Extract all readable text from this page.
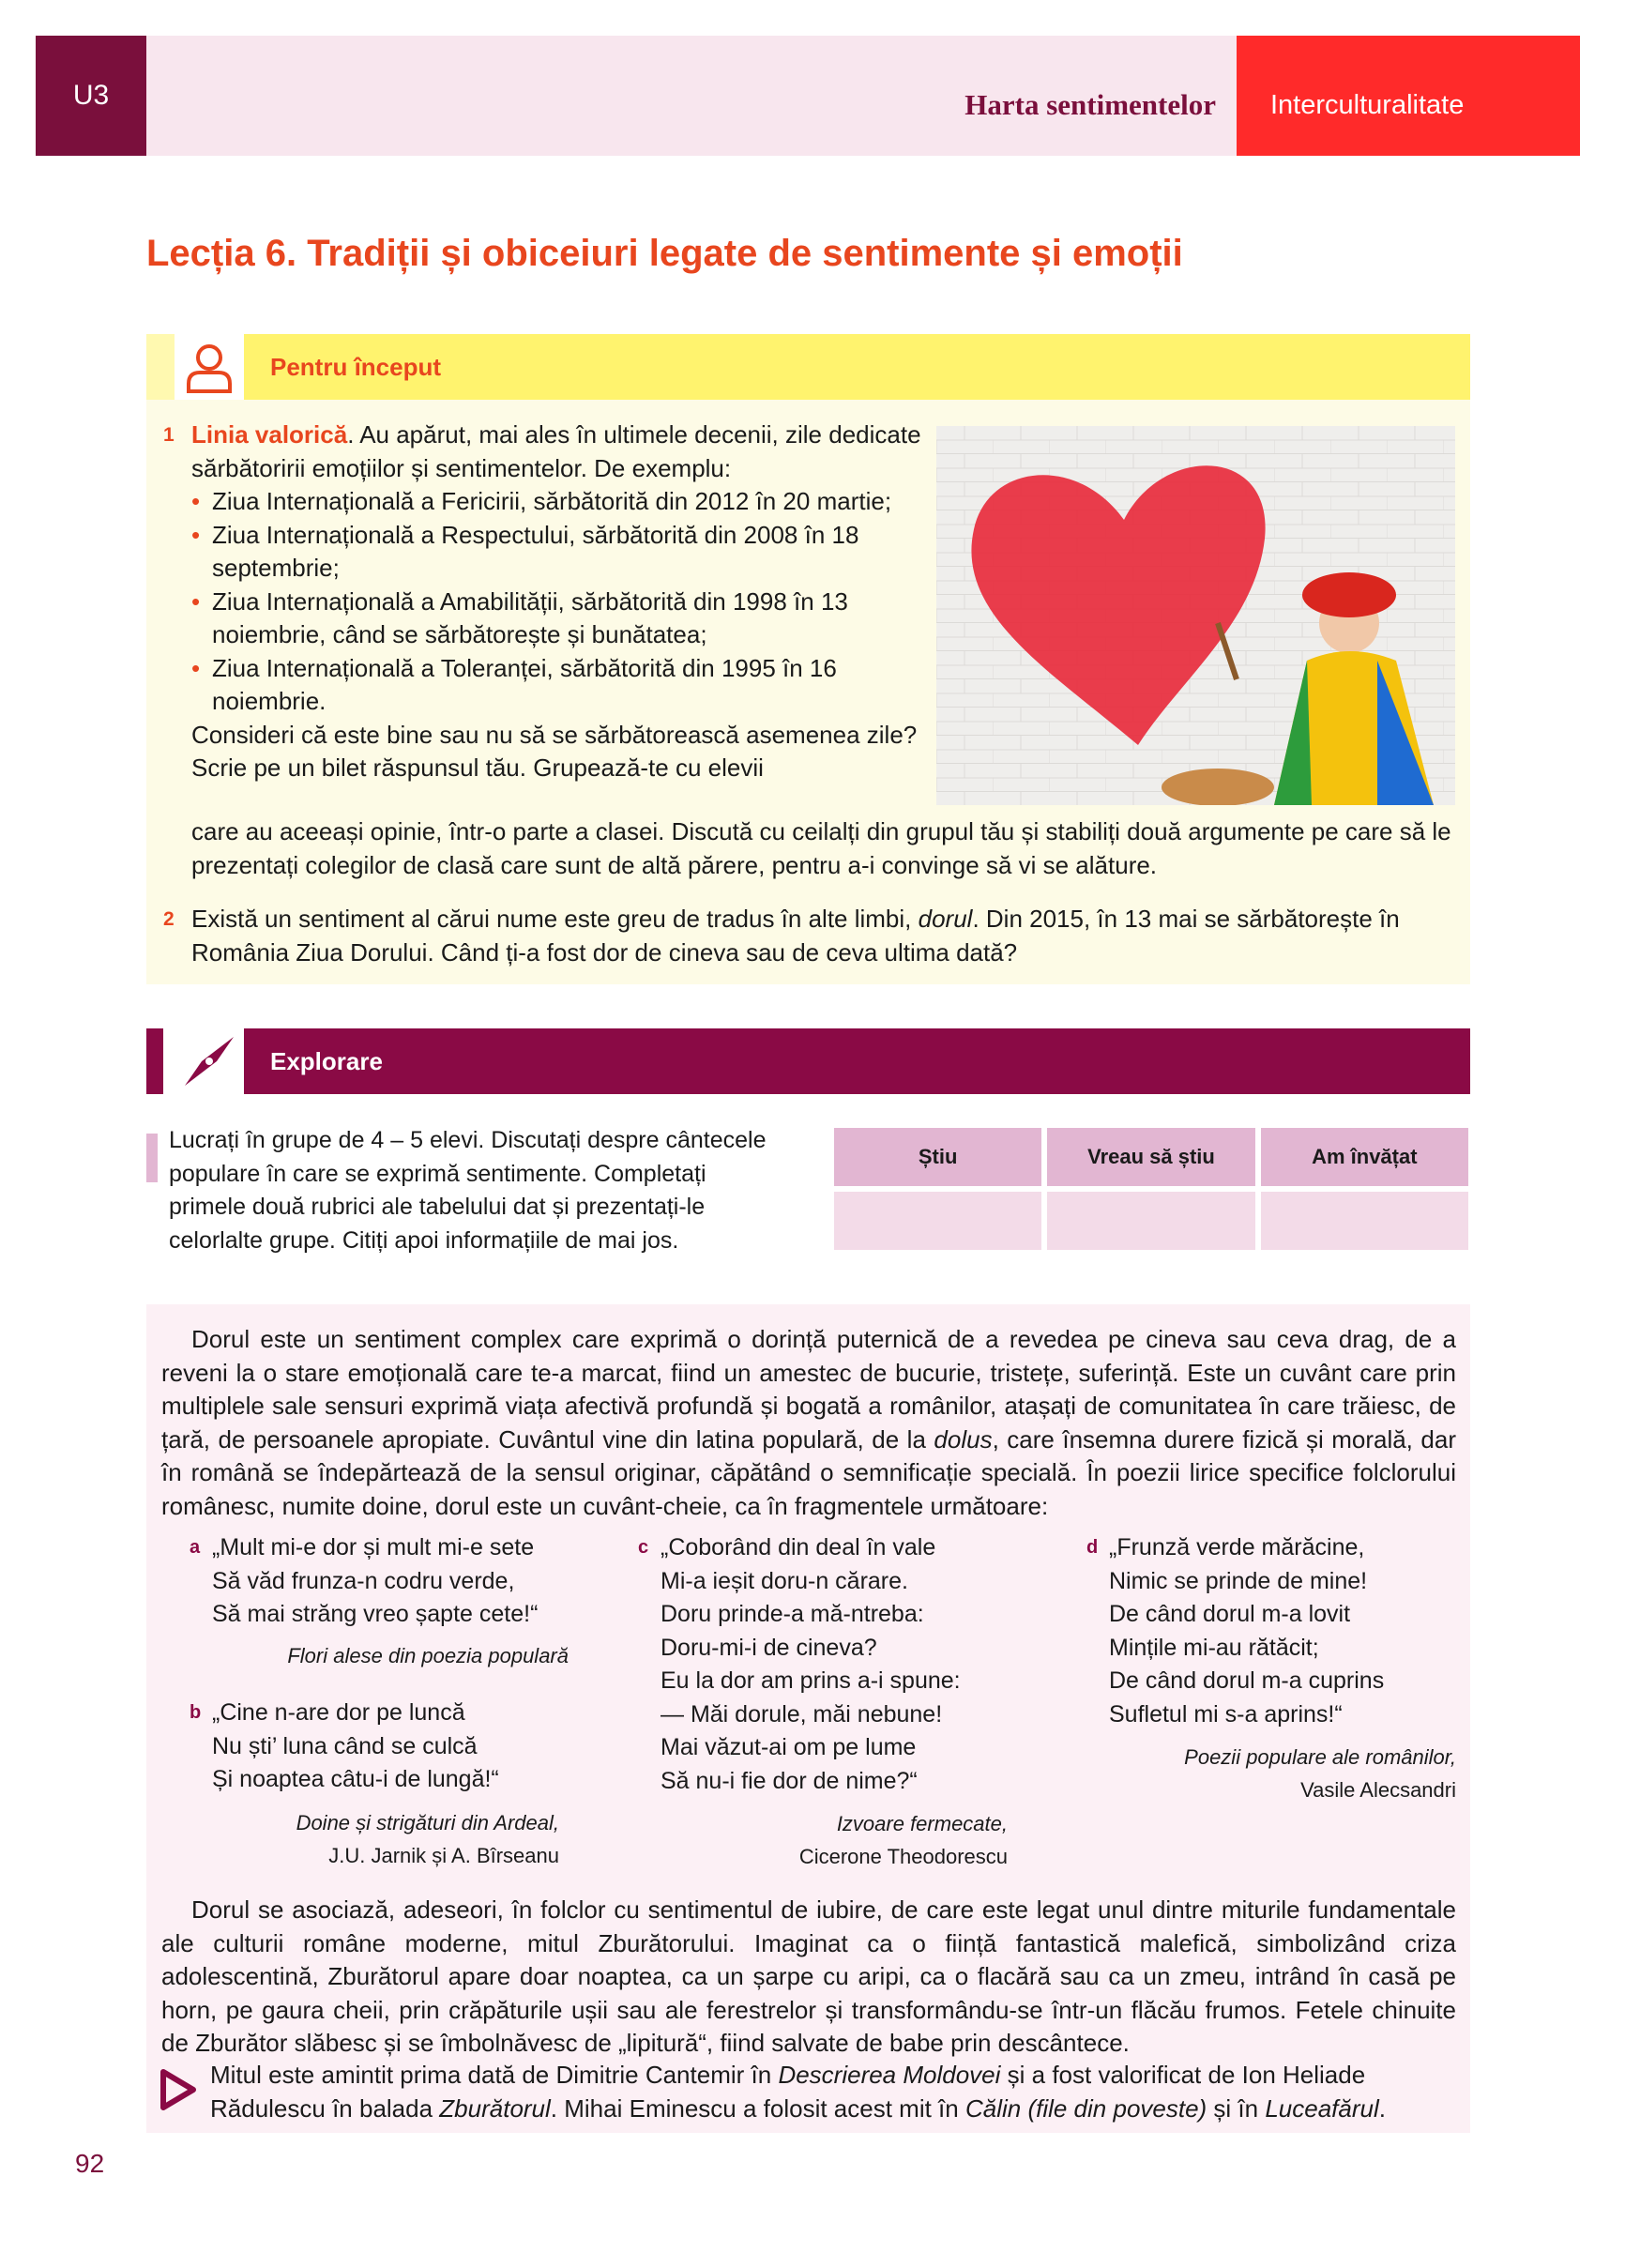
U3	Harta sentimentelor	Interculturalitate
Lecția 6. Tradiții și obiceiuri legate de sentimente și emoții
Pentru început
1 Linia valorică. Au apărut, mai ales în ultimele decenii, zile dedicate sărbătoririi emoțiilor și sentimentelor. De exemplu:
• Ziua Internațională a Fericirii, sărbătorită din 2012 în 20 martie;
• Ziua Internațională a Respectului, sărbătorită din 2008 în 18 septembrie;
• Ziua Internațională a Amabilității, sărbătorită din 1998 în 13 noiembrie, când se sărbătorește și bunătatea;
• Ziua Internațională a Toleranței, sărbătorită din 1995 în 16 noiembrie.
Consideri că este bine sau nu să se sărbătorească asemenea zile? Scrie pe un bilet răspunsul tău. Grupează-te cu elevii
care au aceeași opinie, într-o parte a clasei. Discută cu ceilalți din grupul tău și stabiliți două argumente pe care să le prezentați colegilor de clasă care sunt de altă părere, pentru a-i convinge să vi se alăture.
2 Există un sentiment al cărui nume este greu de tradus în alte limbi, dorul. Din 2015, în 13 mai se sărbătorește în România Ziua Dorului. Când ți-a fost dor de cineva sau de ceva ultima dată?
Explorare
Lucrați în grupe de 4 – 5 elevi. Discutați despre cântecele populare în care se exprimă sentimente. Completați primele două rubrici ale tabelului dat și prezentați-le celorlalte grupe. Citiți apoi informațiile de mai jos.
Știu	Vreau să știu	Am învățat

Dorul este un sentiment complex care exprimă o dorință puternică de a revedea pe cineva sau ceva drag, de a reveni la o stare emoțională care te-a marcat, fiind un amestec de bucurie, tristețe, suferință. Este un cuvânt care prin multiplele sale sensuri exprimă viața afectivă profundă și bogată a românilor, atașați de comunitatea în care trăiesc, de țară, de persoanele apropiate. Cuvântul vine din latina populară, de la dolus, care însemna durere fizică și morală, dar în română se îndepărtează de la sensul originar, căpătând o semnificație specială. În poezii lirice specifice folclorului românesc, numite doine, dorul este un cuvânt-cheie, ca în fragmentele următoare:

a „Mult mi-e dor și mult mi-e sete
Să văd frunza-n codru verde,
Să mai străng vreo șapte cete!“
Flori alese din poezia populară
b „Cine n-are dor pe luncă
Nu ști’ luna când se culcă
Și noaptea câtu-i de lungă!“
Doine și strigături din Ardeal,
J.U. Jarnik și A. Bîrseanu
c „Coborând din deal în vale
Mi-a ieșit doru-n cărare.
Doru prinde-a mă-ntreba:
Doru-mi-i de cineva?
Eu la dor am prins a-i spune:
— Măi dorule, măi nebune!
Mai văzut-ai om pe lume
Să nu-i fie dor de nime?“
Izvoare fermecate,
Cicerone Theodorescu
d „Frunză verde mărăcine,
Nimic se prinde de mine!
De când dorul m-a lovit
Mințile mi-au rătăcit;
De când dorul m-a cuprins
Sufletul mi s-a aprins!“
Poezii populare ale românilor,
Vasile Alecsandri

Dorul se asociază, adeseori, în folclor cu sentimentul de iubire, de care este legat unul dintre miturile fundamentale ale culturii române moderne, mitul Zburătorului. Imaginat ca o ființă fantastică malefică, simbolizând criza adolescentină, Zburătorul apare doar noaptea, ca un șarpe cu aripi, ca o flacără sau ca un zmeu, intrând în casă pe horn, pe gaura cheii, prin crăpăturile ușii sau ale ferestrelor și transformându-se într-un flăcău frumos. Fetele chinuite de Zburător slăbesc și se îmbolnăvesc de „lipitură“, fiind salvate de babe prin descântece.

Mitul este amintit prima dată de Dimitrie Cantemir în Descrierea Moldovei și a fost valorificat de Ion Heliade Rădulescu în balada Zburătorul. Mihai Eminescu a folosit acest mit în Călin (file din poveste) și în Luceafărul.

92
